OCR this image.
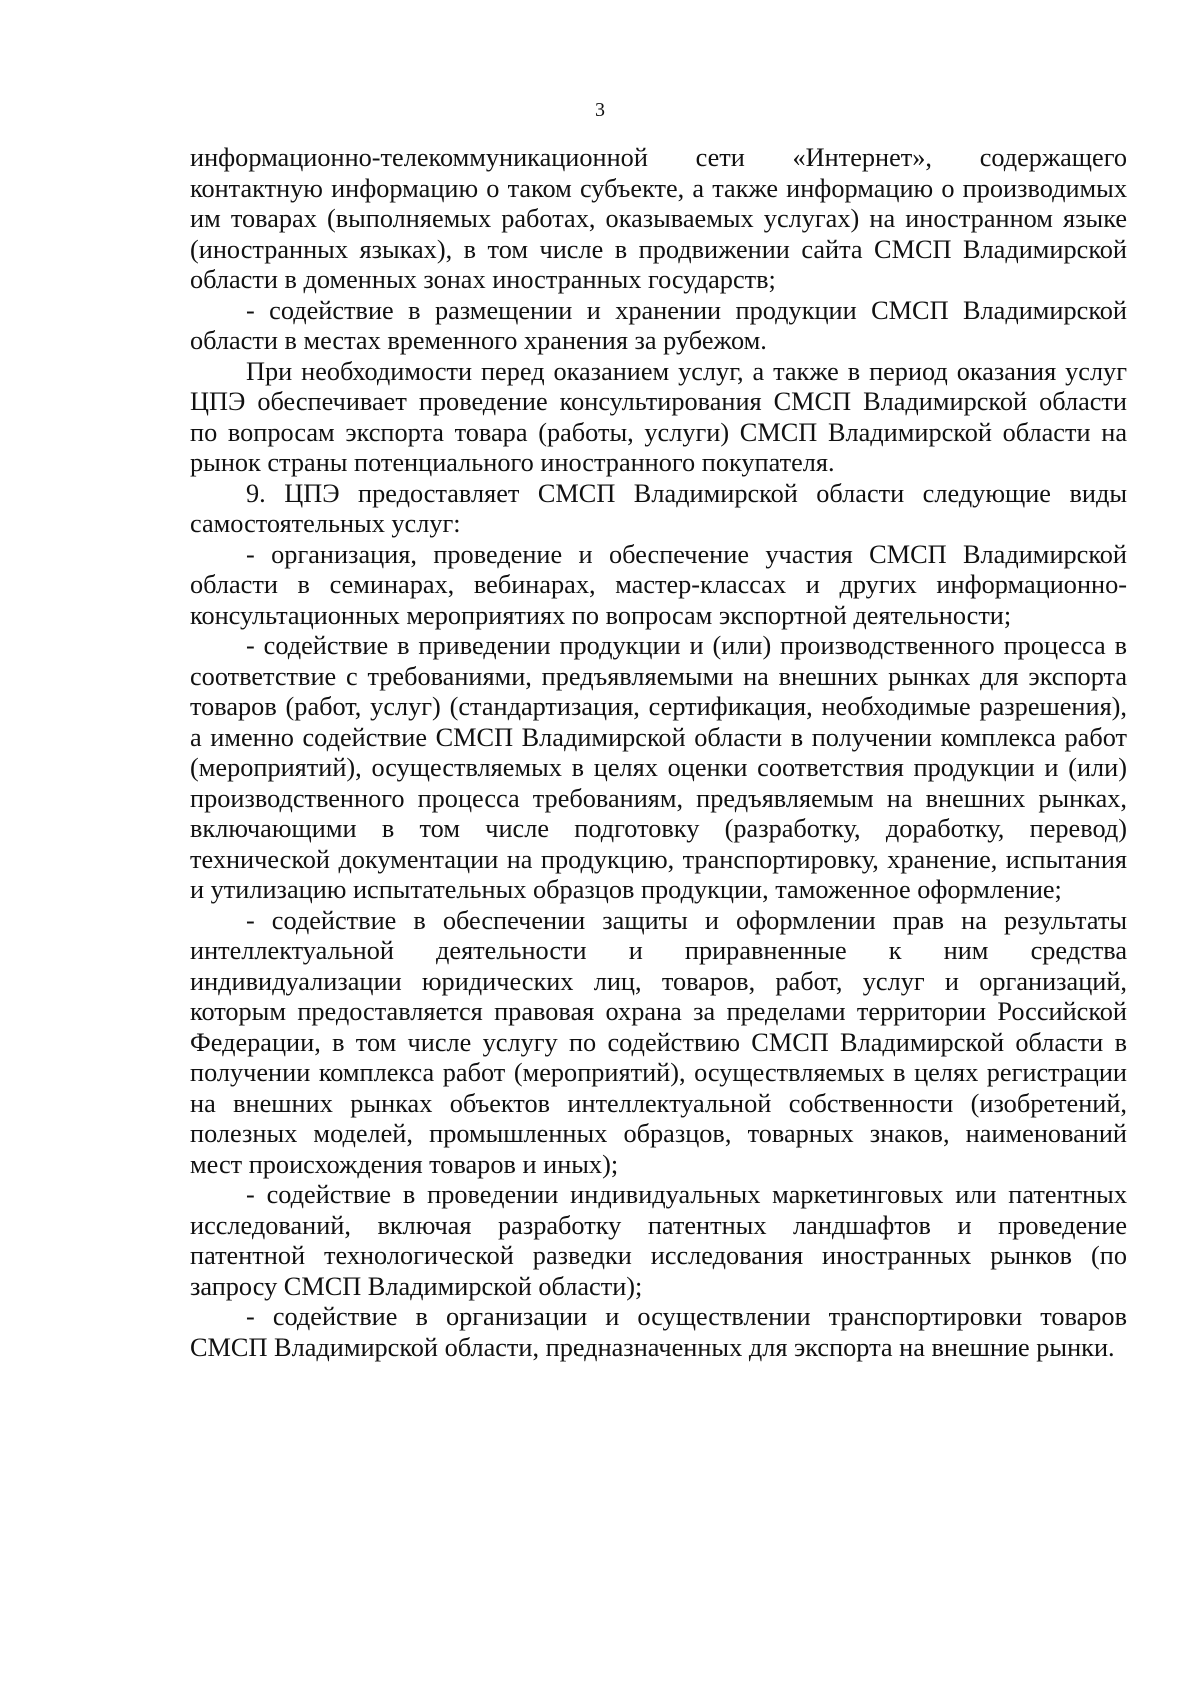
3

информационно-телекоммуникационной сети «Интернет», содержащего контактную информацию о таком субъекте, а также информацию о производимых им товарах (выполняемых работах, оказываемых услугах) на иностранном языке (иностранных языках), в том числе в продвижении сайта СМСП Владимирской области в доменных зонах иностранных государств;

- содействие в размещении и хранении продукции СМСП Владимирской области в местах временного хранения за рубежом.

При необходимости перед оказанием услуг, а также в период оказания услуг ЦПЭ обеспечивает проведение консультирования СМСП Владимирской области по вопросам экспорта товара (работы, услуги) СМСП Владимирской области на рынок страны потенциального иностранного покупателя.

9. ЦПЭ предоставляет СМСП Владимирской области следующие виды самостоятельных услуг:

- организация, проведение и обеспечение участия СМСП Владимирской области в семинарах, вебинарах, мастер-классах и других информационно-консультационных мероприятиях по вопросам экспортной деятельности;

- содействие в приведении продукции и (или) производственного процесса в соответствие с требованиями, предъявляемыми на внешних рынках для экспорта товаров (работ, услуг) (стандартизация, сертификация, необходимые разрешения), а именно содействие СМСП Владимирской области в получении комплекса работ (мероприятий), осуществляемых в целях оценки соответствия продукции и (или) производственного процесса требованиям, предъявляемым на внешних рынках, включающими в том числе подготовку (разработку, доработку, перевод) технической документации на продукцию, транспортировку, хранение, испытания и утилизацию испытательных образцов продукции, таможенное оформление;

- содействие в обеспечении защиты и оформлении прав на результаты интеллектуальной деятельности и приравненные к ним средства индивидуализации юридических лиц, товаров, работ, услуг и организаций, которым предоставляется правовая охрана за пределами территории Российской Федерации, в том числе услугу по содействию СМСП Владимирской области в получении комплекса работ (мероприятий), осуществляемых в целях регистрации на внешних рынках объектов интеллектуальной собственности (изобретений, полезных моделей, промышленных образцов, товарных знаков, наименований мест происхождения товаров и иных);

- содействие в проведении индивидуальных маркетинговых или патентных исследований, включая разработку патентных ландшафтов и проведение патентной технологической разведки исследования иностранных рынков (по запросу СМСП Владимирской области);

- содействие в организации и осуществлении транспортировки товаров СМСП Владимирской области, предназначенных для экспорта на внешние рынки.
